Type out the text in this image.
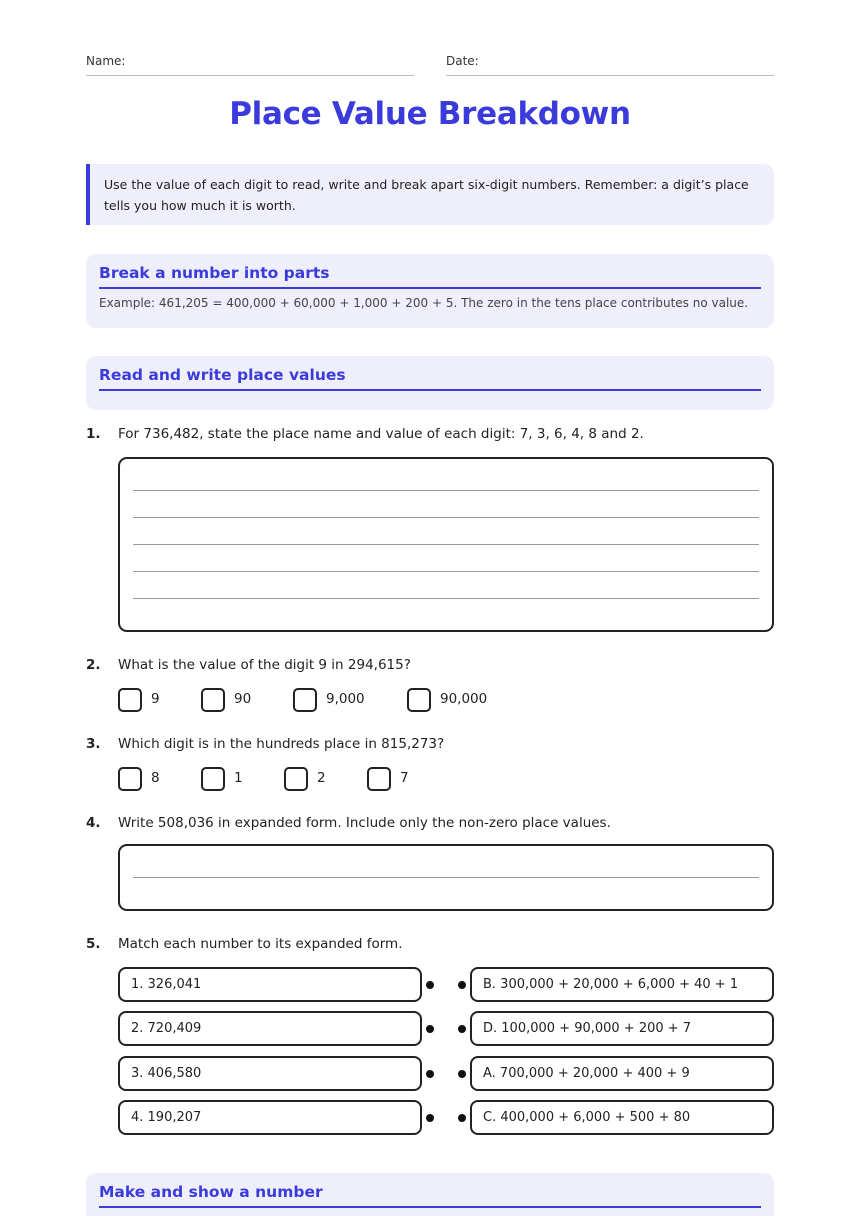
Name:	Date:
Place Value Breakdown
Use the value of each digit to read, write and break apart six-digit numbers. Remember: a digit’s place tells you how much it is worth.
Break a number into parts
Example: 461,205 = 400,000 + 60,000 + 1,000 + 200 + 5. The zero in the tens place contributes no value.
Read and write place values
1. For 736,482, state the place name and value of each digit: 7, 3, 6, 4, 8 and 2.
2. What is the value of the digit 9 in 294,615?
9	90	9,000	90,000
3. Which digit is in the hundreds place in 815,273?
8	1	2	7
4. Write 508,036 in expanded form. Include only the non-zero place values.
5. Match each number to its expanded form.
1. 326,041	B. 300,000 + 20,000 + 6,000 + 40 + 1
2. 720,409	D. 100,000 + 90,000 + 200 + 7
3. 406,580	A. 700,000 + 20,000 + 400 + 9
4. 190,207	C. 400,000 + 6,000 + 500 + 80
Make and show a number
